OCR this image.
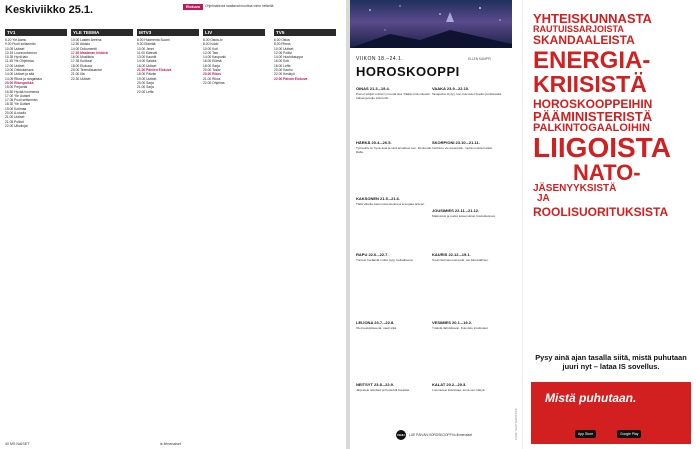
Keskiviikko 25.1.	Elokuva	Ohjelmatiedot saattavat muuttua viime hetkellä.
TV1

6.20 Yle Aamu

9.00 Puoli seitsemän

10.05 Uutiset

10.15 Luonnonkierros

10.35 Hyvä talo

11.45 Yle Ohjelmaa

12.00 Uutiset

13.00 Ostoskanava

14.00 Uutiset ja sää

14.05 Rikos ja rangaistus

20.00 Rikospaikka

15.00 Perjantai

16.50 Hyvää huomenta

17.00 Yle Uutiset

17.05 Puoli seitsemän

18.30 Yle Uutiset

19.00 Kotimaa

20.00 A-studio

21.00 Uutiset

21.05 Poliisit

22.00 Ulkolinjat

YLE TEEMA

10.00 Lasten Areena

12.50 Arkisto

14.00 Dokumentti

17.35 Maailman tehtävä

16.00 Musiikkia

17.35 Kulttuuri

18.00 Elokuva

20.00 Teemalauantai

21.00 Ilta

22.30 Uutiset

MTV3

6.00 Huomenta Suomi

9.30 Elämää

10.00 Jenni

11.00 Kätevät

13.00 Kauniit

14.00 Salatut

16.00 Uutiset

21.00 Päivien Elokuva

18.00 Päivän

19.00 Uutiset

20.00 Sarja

21.00 Sarja

22.00 Leffa

LIV

6.00 Ostos-tv

8.00 Kokki

10.00 Koti

12.00 Talo

14.00 Kaupunki

16.00 Elämä

18.00 Sarja

20.00 Tositv

20.00 Rikos

21.00 Rikos

22.00 Ohjelma

TV5

6.00 Ostos

8.00 Piirros

10.00 Uutiset

12.00 Poliisi

14.00 Huutokauppa

16.00 Koti

18.00 Leffa

20.00 Kauhu

22.00 Keskiyö

22.00 Päivän Elokuva

40 MS NAISET	is.fi/menaiset
VIIKON 18.–24.1.	ELLEN KAMPPI
HOROSKOOPPI
OINAS 21.3.–19.4.
Pienet tekijät voivat nyt tuoda iloa. Päätä mitä oikeasti haluat ja kulje sitä kohti.
HÄRKÄ 20.4.–20.5.
Työrauha on hyvä asia ja sinä ansaitset sen. Rentoudu illalla.
KAKSONEN 21.5.–21.6.
Tällä viikolla saat uusia ideoita ja energiaa arkeen.
RAPU 22.6.–22.7.
Tunteet heräävät mutta pysy rauhallisena.
LEIJONA 23.7.–22.8.
Olet keskipisteenä, nauti siitä.
NEITSYT 23.8.–22.9.
Järjestele asioitasi ja huolehdi itsestäsi.
VAAKA 23.9.–22.10.
Tasapaino löytyy, kun kuuntelet itseäsi ja läheisiäsi.
SKORPIONI 23.10.–21.11.
Intohimo vie eteenpäin, mutta muista levätä.
JOUSIMIES 22.11.–21.12.
Matkustus ja uudet kokemukset houkuttelevat.
KAURIS 22.12.–19.1.
Suunnitelmasi etenevät, ole kärsivällinen.
VESIMIES 20.1.–19.2.
Ystävät ilahduttavat. Kuuntele intuitiotasi.
KALAT 20.2.–20.3.
Luovuutesi kukoistaa, anna sen näkyä.
ISHH	LUE PÄIVÄN HOROSKOOPPI is.fi/menaiset	KUVA: SHUTTERSTOCK
YHTEISKUNNASTA
RAUTUISSARJOISTA
SKANDAALEISTA
ENERGIA-
KRIISISTÄ
HOROSKOOPPEIHIN
PÄÄMINISTERISTÄ
PALKINTOGAALOIHIN
LIIGOISTA
NATO-
JÄSENYYKSISTÄ
JA
ROOLISUORITUKSISTA
Pysy ainä ajan tasalla siitä, mistä puhutaan juuri nyt – lataa IS sovellus.
Mistä puhutaan.
App Store	Google Play
